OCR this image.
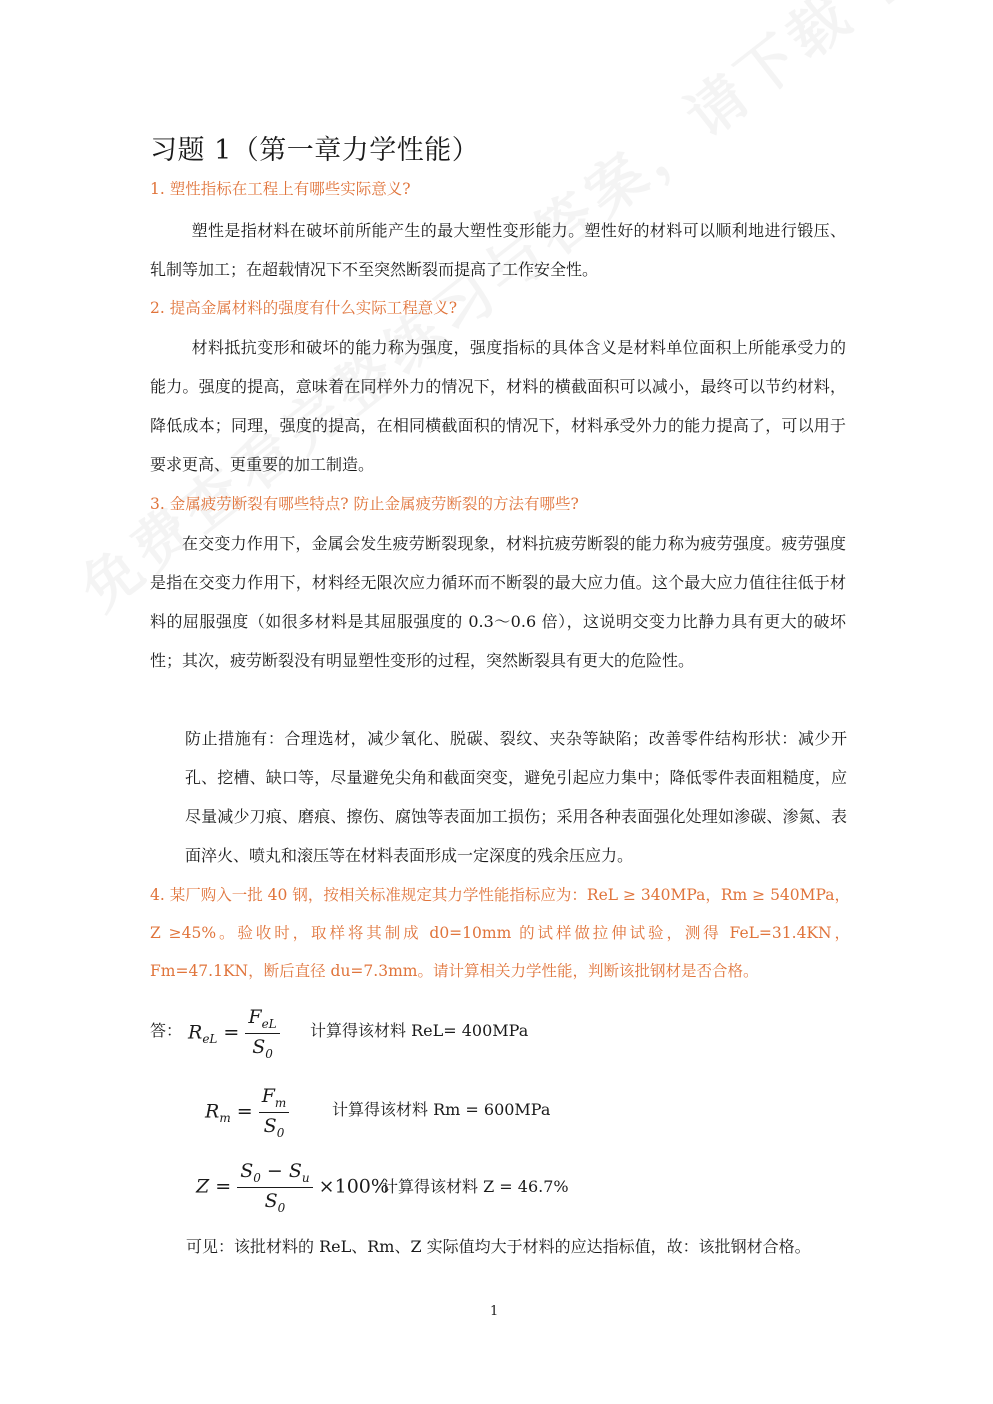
习题 1（第一章力学性能）

1. 塑性指标在工程上有哪些实际意义?

塑性是指材料在破坏前所能产生的最大塑性变形能力。塑性好的材料可以顺利地进行锻压、轧制等加工；在超载情况下不至突然断裂而提高了工作安全性。

2. 提高金属材料的强度有什么实际工程意义?

材料抵抗变形和破坏的能力称为强度，强度指标的具体含义是材料单位面积上所能承受力的能力。强度的提高，意味着在同样外力的情况下，材料的横截面积可以减小，最终可以节约材料，降低成本；同理，强度的提高，在相同横截面积的情况下，材料承受外力的能力提高了，可以用于要求更高、更重要的加工制造。

3. 金属疲劳断裂有哪些特点? 防止金属疲劳断裂的方法有哪些?

在交变力作用下，金属会发生疲劳断裂现象，材料抗疲劳断裂的能力称为疲劳强度。疲劳强度是指在交变力作用下，材料经无限次应力循环而不断裂的最大应力值。这个最大应力值往往低于材料的屈服强度（如很多材料是其屈服强度的 0.3～0.6 倍），这说明交变力比静力具有更大的破坏性；其次，疲劳断裂没有明显塑性变形的过程，突然断裂具有更大的危险性。

防止措施有：合理选材，减少氧化、脱碳、裂纹、夹杂等缺陷；改善零件结构形状：减少开孔、挖槽、缺口等，尽量避免尖角和截面突变，避免引起应力集中；降低零件表面粗糙度，应尽量减少刀痕、磨痕、擦伤、腐蚀等表面加工损伤；采用各种表面强化处理如渗碳、渗氮、表面淬火、喷丸和滚压等在材料表面形成一定深度的残余压应力。

4. 某厂购入一批 40 钢，按相关标准规定其力学性能指标应为：ReL ≥ 340MPa，Rm ≥ 540MPa，Z ≥45%。验收时，取样将其制成 d0=10mm 的试样做拉伸试验，测得 FeL=31.4KN，Fm=47.1KN，断后直径 du=7.3mm。请计算相关力学性能，判断该批钢材是否合格。

答： $R_{eL} = \frac{F_{eL}}{S_0}$ 计算得该材料 ReL= 400MPa
$R_m = \frac{F_m}{S_0}$	计算得该材料 Rm = 600MPa
$Z = \frac{S_0 - S_u}{S_0} \times 100\%$
计算得该材料 Z = 46.7%

可见：该批材料的 ReL、Rm、Z 实际值均大于材料的应达指标值，故：该批钢材合格。

1
